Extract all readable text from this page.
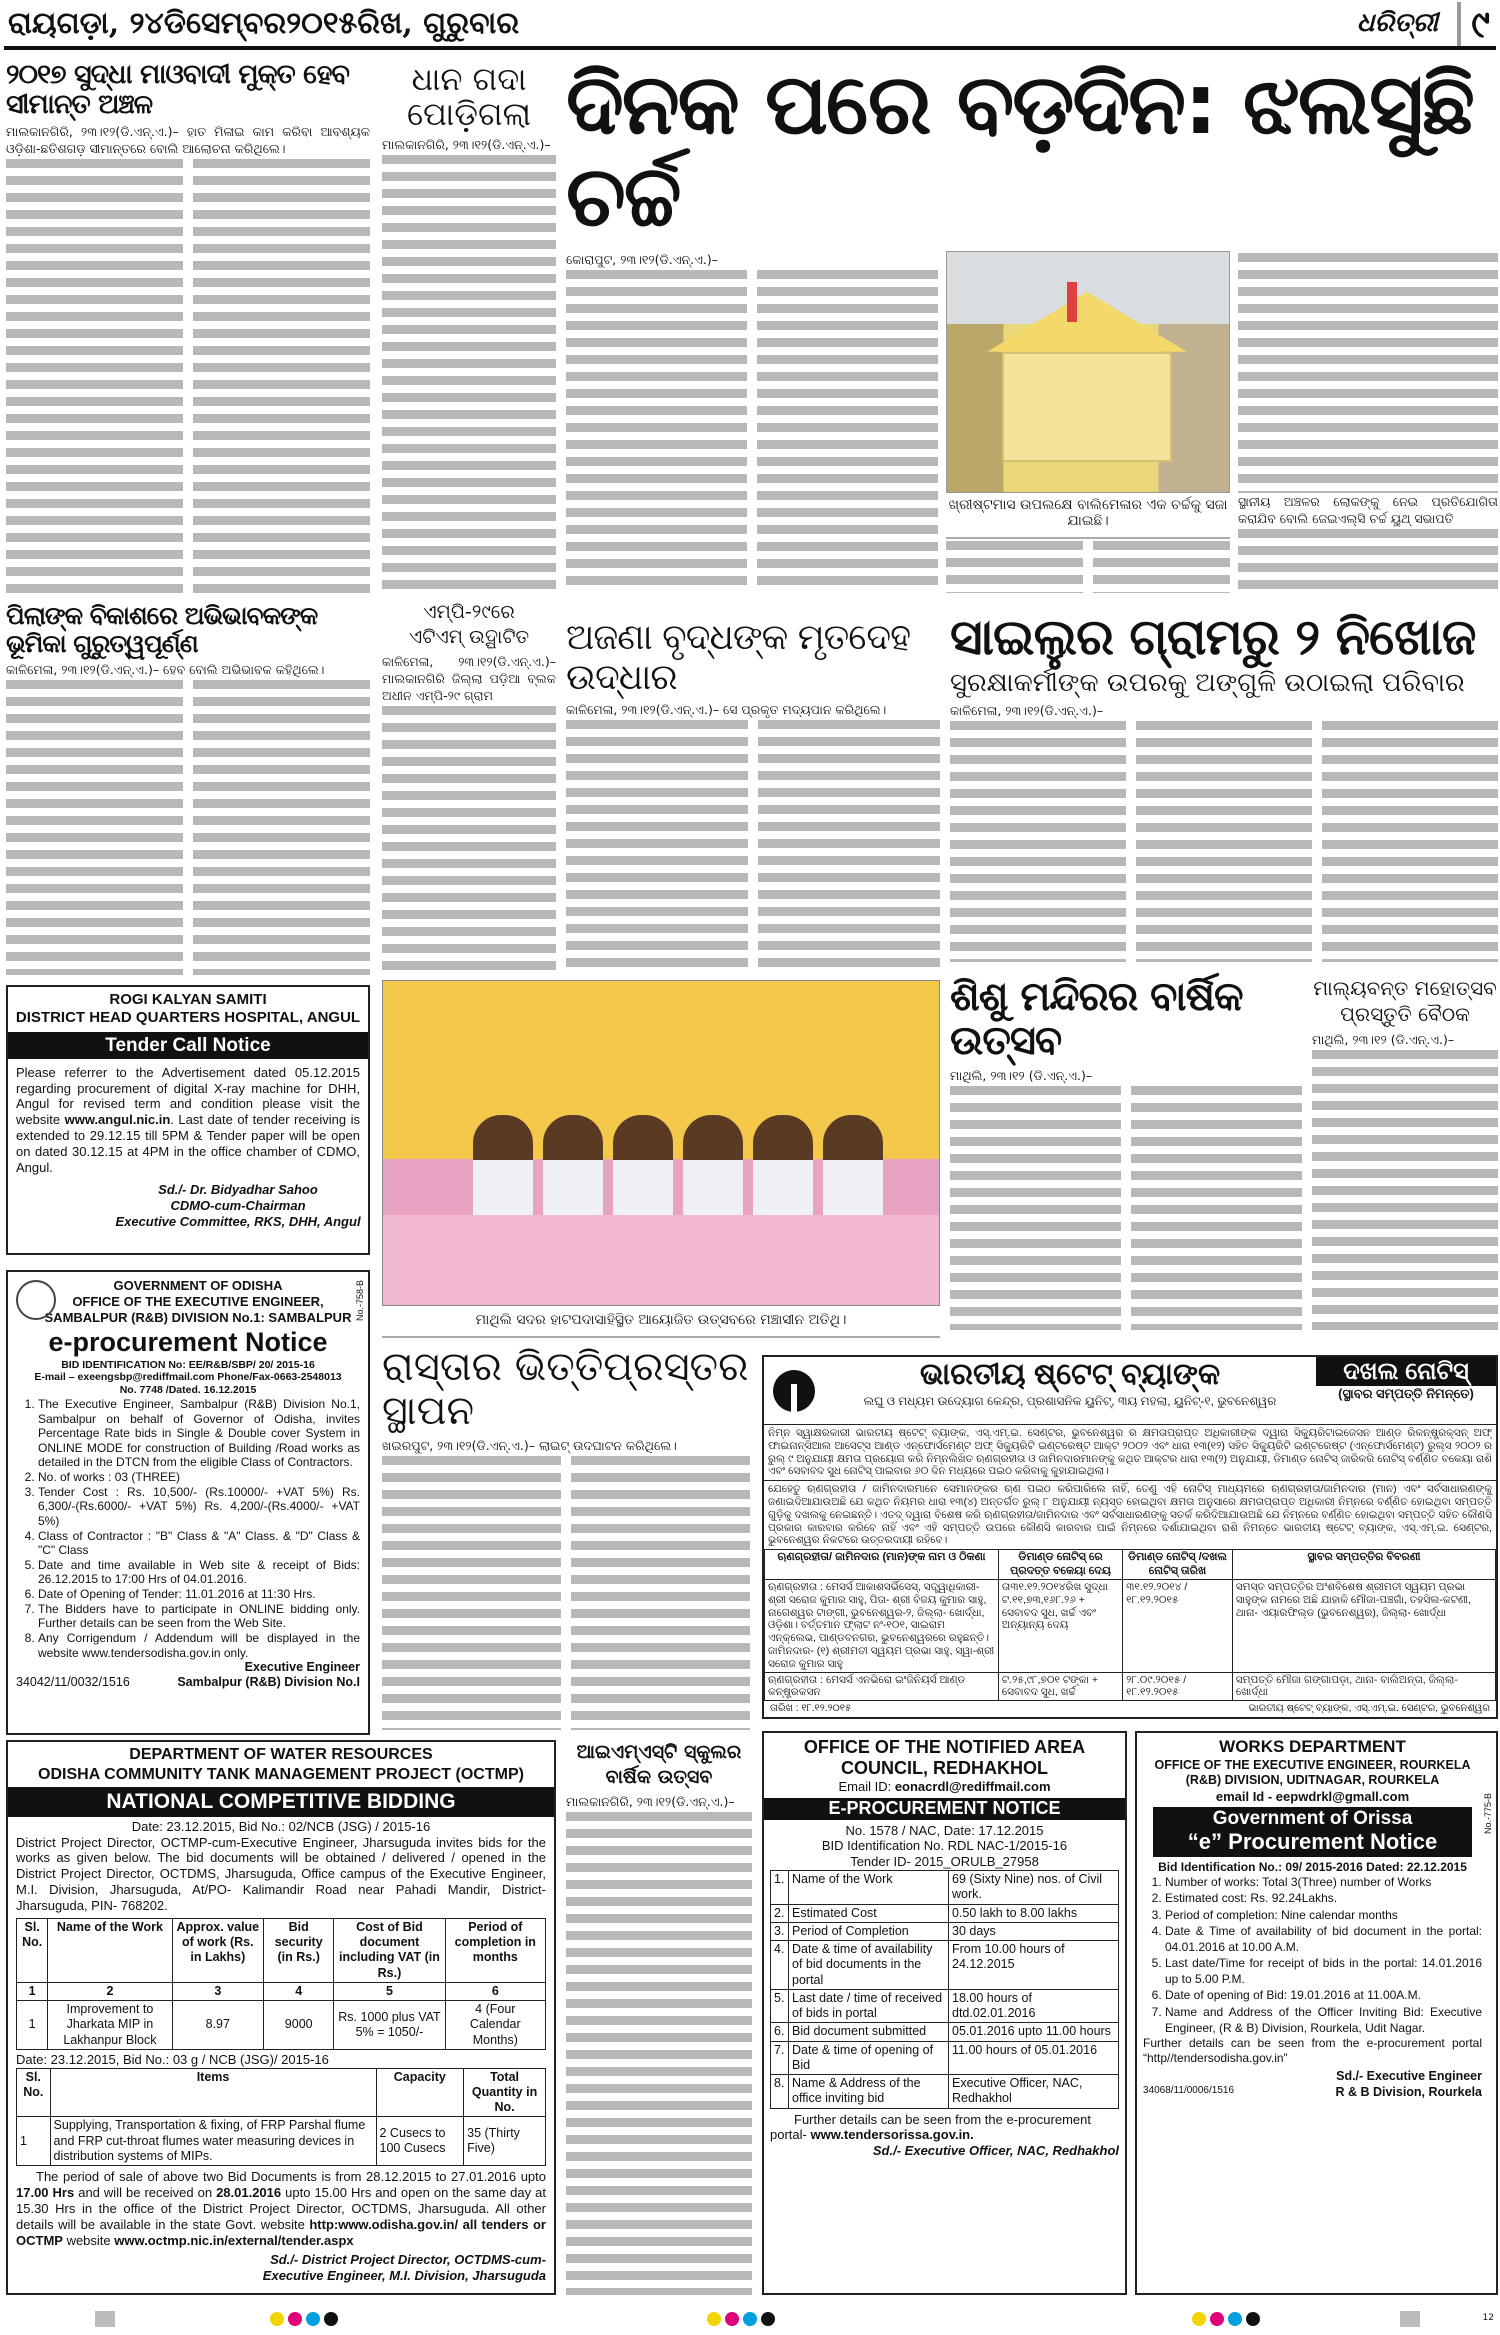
ରାୟଗଡ଼ା, ୨୪ଡିସେମ୍ବର୨୦୧୫ରିଖ, ଗୁରୁବାର	ଧରିତ୍ରୀ ୯
୨୦୧୭ ସୁଦ୍ଧା ମାଓବାଦୀ ମୁକ୍ତ ହେବ ସୀମାନ୍ତ ଅଞ୍ଚଳ
ମାଲକାନଗିରି, ୨୩।୧୨(ଡି.ଏନ୍.ଏ.)– ହାତ ମିଳାଇ କାମ କରିବା ଆବଶ୍ୟକ ଓଡ଼ିଶା-ଛତିଶଗଡ଼ ସୀମାନ୍ତରେ ବୋଲି ଆଲୋଚନା କରିଥିଲେ।
ପିଲାଙ୍କ ବିକାଶରେ ଅଭିଭାବକଙ୍କ ଭୂମିକା ଗୁରୁତ୍ୱପୂର୍ଣ୍ଣ
କାଳିମେଳା, ୨୩।୧୨(ଡି.ଏନ୍.ଏ.)– ହେବ ବୋଲି ଅଭିଭାବକ କହିଥିଲେ।
ଧାନ ଗଦା ପୋଡ଼ିଗଲା
ମାଲକାନଗିରି, ୨୩।୧୨(ଡି.ଏନ୍.ଏ.)–
ଏମ୍ପି-୨୯ରେ
ଏଟିଏମ୍ ଉଦ୍ଘାଟିତ
କାଳିମେଳା, ୨୩।୧୨(ଡି.ଏନ୍.ଏ.)– ମାଲକାନଗିରି ଜିଲ୍ଲା ପଡ଼ିଆ ବ୍ଲକ ଅଧୀନ ଏମ୍ପି-୨୯ ଗ୍ରାମ
ଦିନକ ପରେ ବଡ଼ଦିନ: ଝଲସୁଛି ଚର୍ଚ୍ଚ
କୋରାପୁଟ, ୨୩।୧୨(ଡି.ଏନ୍.ଏ.)–
ଖ୍ରୀଷ୍ଟମାସ ଉପଲକ୍ଷେ ବାଲିମେଳାର ଏକ ଚର୍ଚ୍ଚକୁ ସଜା ଯାଇଛି।
ସ୍ଥାନୀୟ ଅଞ୍ଚଳର ଲୋକଙ୍କୁ ନେଇ ପ୍ରତିଯୋଗିତା କରାଯିବ ବୋଲି ଜେଇଏଲ୍‌ସି ଚର୍ଚ୍ଚ ୟୁଥ୍ ସଭାପତି
ଅଜଣା ବୃଦ୍ଧଙ୍କ ମୃତଦେହ ଉଦ୍ଧାର
କାଳିମେଳା, ୨୩।୧୨(ଡି.ଏନ୍.ଏ.)– ସେ ପ୍ରକୃତ ମଦ୍ୟପାନ କରିଥିଲେ।
ସାଇଲୁର ଗ୍ରାମରୁ ୨ ନିଖୋଜ
ସୁରକ୍ଷାକର୍ମୀଙ୍କ ଉପରକୁ ଅଙ୍ଗୁଳି ଉଠାଇଲା ପରିବାର
କାଳିମେଳା, ୨୩।୧୨(ଡି.ଏନ୍.ଏ.)–
ମାଥିଲି ସଦର ହାଟପଦାସାହିସ୍ଥିତ ଆୟୋଜିତ ଉତ୍ସବରେ ମଞ୍ଚାସୀନ ଅତିଥି।
ଶିଶୁ ମନ୍ଦିରର ବାର୍ଷିକ ଉତ୍ସବ
ମାଥିଲି, ୨୩।୧୨ (ଡି.ଏନ୍.ଏ.)–
ମାଲ୍ୟବନ୍ତ ମହୋତ୍ସବ
ପ୍ରସ୍ତୁତି ବୈଠକ
ମାଥିଲି, ୨୩।୧୨ (ଡି.ଏନ୍.ଏ.)–
ରାସ୍ତାର ଭିତ୍ତିପ୍ରସ୍ତର ସ୍ଥାପନ
ଖଇରପୁଟ, ୨୩।୧୨(ଡି.ଏନ୍.ଏ.)– ଲାଇଟ୍ ଉଦଘାଟନ କରିଥିଲେ।
ଆଇଏମ୍ଏସ୍ଟି ସ୍କୁଲର
ବାର୍ଷିକ ଉତ୍ସବ
ମାଲକାନଗିରି, ୨୩।୧୨(ଡି.ଏନ୍.ଏ.)–
ROGI KALYAN SAMITI
DISTRICT HEAD QUARTERS HOSPITAL, ANGUL
Tender Call Notice
Please referrer to the Advertisement dated 05.12.2015 regarding procurement of digital X-ray machine for DHH, Angul for revised term and condition please visit the website www.angul.nic.in. Last date of tender receiving is extended to 29.12.15 till 5PM & Tender paper will be open on dated 30.12.15 at 4PM in the office chamber of CDMO, Angul.
Sd./- Dr. Bidyadhar Sahoo
CDMO-cum-Chairman
Executive Committee, RKS, DHH, Angul
No.-758-B
GOVERNMENT OF ODISHA
OFFICE OF THE EXECUTIVE ENGINEER,
SAMBALPUR (R&B) DIVISION No.1: SAMBALPUR
e-procurement Notice
BID IDENTIFICATION No: EE/R&B/SBP/ 20/ 2015-16
E-mail – exeengsbp@rediffmail.com Phone/Fax-0663-2548013
No. 7748 /Dated. 16.12.2015
1. The Executive Engineer, Sambalpur (R&B) Division No.1, Sambalpur on behalf of Governor of Odisha, invites Percentage Rate bids in Single & Double cover System in ONLINE MODE for construction of Building /Road works as detailed in the DTCN from the eligible Class of Contractors.
2. No. of works : 03 (THREE)
3. Tender Cost : Rs. 10,500/- (Rs.10000/- +VAT 5%) Rs. 6,300/-(Rs.6000/- +VAT 5%) Rs. 4,200/-(Rs.4000/- +VAT 5%)
4. Class of Contractor : "B" Class & "A" Class. & "D" Class & "C" Class
5. Date and time available in Web site & receipt of Bids: 26.12.2015 to 17:00 Hrs of 04.01.2016.
6. Date of Opening of Tender: 11.01.2016 at 11:30 Hrs.
7. The Bidders have to participate in ONLINE bidding only. Further details can be seen from the Web Site.
8. Any Corrigendum / Addendum will be displayed in the website www.tendersodisha.gov.in only.
Executive Engineer
34042/11/0032/1516	Sambalpur (R&B) Division No.I
DEPARTMENT OF WATER RESOURCES
ODISHA COMMUNITY TANK MANAGEMENT PROJECT (OCTMP)
NATIONAL COMPETITIVE BIDDING
Date: 23.12.2015, Bid No.: 02/NCB (JSG) / 2015-16
District Project Director, OCTMP-cum-Executive Engineer, Jharsuguda invites bids for the works as given below. The bid documents will be obtained / delivered / opened in the District Project Director, OCTDMS, Jharsuguda, Office campus of the Executive Engineer, M.I. Division, Jharsuguda, At/PO- Kalimandir Road near Pahadi Mandir, District- Jharsuguda, PIN- 768202.
Sl. No.	Name of the Work	Approx. value of work (Rs. in Lakhs)	Bid security (in Rs.)	Cost of Bid document including VAT (in Rs.)	Period of completion in months
1	2	3	4	5	6
1	Improvement to Jharkata MIP in Lakhanpur Block	8.97	9000	Rs. 1000 plus VAT 5% = 1050/-	4 (Four Calendar Months)
Date: 23.12.2015, Bid No.: 03 g / NCB (JSG)/ 2015-16
Sl. No.	Items	Capacity	Total Quantity in No.
1	Supplying, Transportation & fixing, of FRP Parshal flume and FRP cut-throat flumes water measuring devices in distribution systems of MIPs.	2 Cusecs to 100 Cusecs	35 (Thirty Five)
The period of sale of above two Bid Documents is from 28.12.2015 to 27.01.2016 upto 17.00 Hrs and will be received on 28.01.2016 upto 15.00 Hrs and open on the same day at 15.30 Hrs in the office of the District Project Director, OCTDMS, Jharsuguda. All other details will be available in the state Govt. website http:www.odisha.gov.in/ all tenders or OCTMP website www.octmp.nic.in/external/tender.aspx
Sd./- District Project Director, OCTDMS-cum-
Executive Engineer, M.I. Division, Jharsuguda
ଭାରତୀୟ ଷ୍ଟେଟ୍ ବ୍ୟାଙ୍କ
ଲଘୁ ଓ ମଧ୍ୟମ ଉଦ୍ୟୋଗ କେନ୍ଦ୍ର, ପ୍ରଶାସନିକ ୟୁନିଟ୍, ୩ୟ ମହଲା, ୟୁନିଟ୍-୧, ଭୁବନେଶ୍ୱର
ଦଖଲ ନୋଟିସ୍
(ସ୍ଥାବର ସମ୍ପତ୍ତି ନିମନ୍ତେ)
ନିମ୍ନ ସ୍ୱାକ୍ଷରକାରୀ ଭାରତୀୟ ଷ୍ଟେଟ୍ ବ୍ୟାଙ୍କ, ଏସ୍.ଏମ୍.ଇ. ସେଣ୍ଟର, ଭୁବନେଶ୍ୱର ର କ୍ଷମତାପ୍ରାପ୍ତ ଅଧିକାରୀଙ୍କ ଦ୍ୱାରା ସିକ୍ୟୁରିଟାଇଜେସନ ଆଣ୍ଡ ରିକନ୍ଷ୍ଟ୍ରକ୍ସନ୍ ଅଫ୍ ଫାଇନାନ୍ସିଆଲ ଆସେଟ୍ସ ଆଣ୍ଡ ଏନ୍‌ଫୋର୍ସମେଣ୍ଟ ଅଫ୍ ସିକ୍ୟୁରିଟି ଇଣ୍ଟରେଷ୍ଟ ଆକ୍ଟ ୨୦୦୨ ଏବଂ ଧାରା ୧୩(୧୨) ସହିତ ସିକ୍ୟୁରିଟି ଇଣ୍ଟରେଷ୍ଟ (ଏନ୍‌ଫୋର୍ସମେଣ୍ଟ) ରୁଲ୍ସ ୨୦୦୨ ର ରୁଲ୍ ୯ ଅନୁଯାୟୀ କ୍ଷମତା ପ୍ରୟୋଗ କରି ନିମ୍ନଲିଖିତ ଋଣଗ୍ରହୀତା ଓ ଜାମିନଦାରମାନଙ୍କୁ କଥିତ ଆକ୍ଟର ଧାରା ୧୩(୨) ଅନୁଯାୟୀ, ଡିମାଣ୍ଡ ନୋଟିସ୍ ଜାରିକରି ନୋଟିସ୍ ବର୍ଣ୍ଣିତ ବକେୟା ରାଶି ଏବଂ ସେବାବଦ ସୁଧ ନୋଟିସ୍ ପାଇବାର ୬୦ ଦିନ ମଧ୍ୟରେ ପଇଠ କରିବାକୁ କୁହାଯାଇଥିଲା।
ଯେହେତୁ ଋଣଗ୍ରହୀତା / ଜାମିନଦାରମାନେ ସେମାନଙ୍କର ଋଣ ପଇଠ କରିପାରିଲେ ନାହିଁ, ତେଣୁ ଏହି ନୋଟିସ୍ ମାଧ୍ୟମରେ ଋଣଗ୍ରହୀତା/ଜାମିନଦାର (ମାନ) ଏବଂ ସର୍ବସାଧାରଣଙ୍କୁ ଜଣାଇଦିଆଯାଉଅଛି ଯେ କଥିତ ନିୟମର ଧାରା ୧୩(୪) ଅନ୍ତର୍ଗତ ରୁଲ୍ ୮ ଅନୁଯାୟୀ ନ୍ୟସ୍ତ ହୋଇଥିବା କ୍ଷମତା ଅନୁସାରେ କ୍ଷମତାପ୍ରାପ୍ତ ଅଧିକାରୀ ନିମ୍ନରେ ବର୍ଣ୍ଣିତ ହୋଇଥିବା ସମ୍ପତ୍ତି ଗୁଡ଼ିକୁ ଦଖଲକୁ ନେଇଛନ୍ତି। ଏତଦ୍ ଦ୍ୱାରା ବିଶେଷ କରି ଋଣଗ୍ରହୀତା/ଜାମିନଦାର ଏବଂ ସର୍ବସାଧାରଣଙ୍କୁ ସତର୍କ କରିଦିଆଯାଉଅଛି ଯେ ନିମ୍ନରେ ବର୍ଣ୍ଣିତ ହୋଇଥିବା ସମ୍ପତ୍ତି ସହିତ କୌଣସି ପ୍ରକାର କାରବାର କରିବେ ନାହିଁ ଏବଂ ଏହି ସମ୍ପତ୍ତି ଉପରେ କୌଣସି କାରବାର ପାଇଁ ନିମ୍ନରେ ଦର୍ଶାଯାଇଥିବା ରାଶି ନିମନ୍ତେ ଭାରତୀୟ ଷ୍ଟେଟ୍ ବ୍ୟାଙ୍କ, ଏସ୍.ଏମ୍.ଇ. ସେଣ୍ଟର, ଭୁବନେଶ୍ୱର ନିକଟରେ ଉତ୍ତରଦାୟୀ ରହିବେ।
ଋଣଗ୍ରହୀତା/ ଜାମିନଦାର (ମାନ)ଙ୍କ ନାମ ଓ ଠିକଣା	ଡିମାଣ୍ଡ ନୋଟିସ୍ ରେ ପ୍ରଦତ୍ତ ବକେୟା ଦେୟ	ଡିମାଣ୍ଡ ନୋଟିସ୍ /ଦଖଲ ନୋଟିସ୍ ତାରିଖ	ସ୍ଥାବର ସମ୍ପତ୍ତିର ବିବରଣୀ
ଋଣଗ୍ରହୀତା : ମେସର୍ସ ଆକାଶସର୍ଭିସେସ୍, ସତ୍ତ୍ୱାଧିକାରୀ- ଶ୍ରୀ ସରୋଜ କୁମାର ସାହୁ, ପିତା- ଶ୍ରୀ ବିଜୟ କୁମାର ସାହୁ, ନାଗେଶ୍ୱର ଟାଙ୍ଗୀ, ଭୁବନେଶ୍ୱର-୨, ଜିଲ୍ଲା- ଖୋର୍ଦ୍ଧା, ଓଡ଼ିଶା। ବର୍ତ୍ତମାନ ଫ୍ଲାଟ ନଂ-୧୦୧, ସାଇରାମ ଏନ୍‌କ୍ଲେଭ, ପାଣ୍ଡବନଗର, ଭୁବନେଶ୍ୱରରେ ରହୁଛନ୍ତି। ଜାମିନଦାର- (୧) ଶ୍ରୀମତୀ ସ୍ୱୟମ ପ୍ରଭା ସାହୁ, ସ୍ୱା-ଶ୍ରୀ ସରୋଜ କୁମାର ସାହୁ	ତା୩୧.୧୨.୨୦୧୪ରିଖ ସୁଦ୍ଧା ଟ.୧୧,୭୩,୧୬୮.୨୬ + ସେବାବଦ ସୁଧ, ଖର୍ଚ୍ଚ ଏବଂ ଅନ୍ୟାନ୍ୟ ଦେୟ	୩୧.୧୨.୨୦୧୪ / ୧୮.୧୨.୨୦୧୫	ସମସ୍ତ ସମ୍ପତ୍ତିର ଅଂଶବିଶେଷ ଶ୍ରୀମତୀ ସ୍ୱୟମ ପ୍ରଭା ସାହୁଙ୍କ ନାମରେ ଅଛି ଯାହାକି ମୌଜା-ପଞ୍ଚଗାଁ, ତହସିଲ-କଟଣୀ, ଥାନା- ଏୟାରଫିଲ୍ଡ (ଭୁବନେଶ୍ୱର), ଜିଲ୍ଲା- ଖୋର୍ଦ୍ଧା
ଋଣଗ୍ରହୀତା : ମେସର୍ସ ଏନଭିରୋ ଇଂଜିନିୟର୍ସ ଆଣ୍ଡ କନ୍‌ଷ୍ଟ୍ରକସନ	ଟ.୨୫,୯୮,୭୦୧ ଟଙ୍କା + ସେବାବଦ ସୁଧ, ଖର୍ଚ୍ଚ	୨୮.୦୯.୨୦୧୫ / ୧୮.୧୨.୨୦୧୫	ସମ୍ପତ୍ତି ମୌଜା ଗଙ୍ଗାପଡ଼ା, ଥାନା- ବାଲିଅନ୍ତା, ଜିଲ୍ଲା- ଖୋର୍ଦ୍ଧା
ତାରିଖ : ୧୮.୧୨.୨୦୧୫	ଭାରତୀୟ ଷ୍ଟେଟ୍ ବ୍ୟାଙ୍କ, ଏସ୍.ଏମ୍.ଇ. ସେଣ୍ଟର, ଭୁବନେଶ୍ୱର
OFFICE OF THE NOTIFIED AREA
COUNCIL, REDHAKHOL
Email ID: eonacrdl@rediffmail.com
E-PROCUREMENT NOTICE
No. 1578 / NAC, Date: 17.12.2015
BID Identification No. RDL NAC-1/2015-16
Tender ID- 2015_ORULB_27958
1.	Name of the Work	69 (Sixty Nine) nos. of Civil work.
2.	Estimated Cost	0.50 lakh to 8.00 lakhs
3.	Period of Completion	30 days
4.	Date & time of availability of bid documents in the portal	From 10.00 hours of 24.12.2015
5.	Last date / time of received of bids in portal	18.00 hours of dtd.02.01.2016
6.	Bid document submitted	05.01.2016 upto 11.00 hours
7.	Date & time of opening of Bid	11.00 hours of 05.01.2016
8.	Name & Address of the office inviting bid	Executive Officer, NAC, Redhakhol
Further details can be seen from the e-procurement portal- www.tendersorissa.gov.in.
Sd./- Executive Officer, NAC, Redhakhol
No.-775-B
WORKS DEPARTMENT
OFFICE OF THE EXECUTIVE ENGINEER, ROURKELA
(R&B) DIVISION, UDITNAGAR, ROURKELA
email Id - eepwdrkl@gmall.com
Government of Orissa
“e” Procurement Notice
Bid Identification No.: 09/ 2015-2016 Dated: 22.12.2015
1. Number of works: Total 3(Three) number of Works
2. Estimated cost: Rs. 92.24Lakhs.
3. Period of completion: Nine calendar months
4. Date & Time of availability of bid document in the portal: 04.01.2016 at 10.00 A.M.
5. Last date/Time for receipt of bids in the portal: 14.01.2016 up to 5.00 P.M.
6. Date of opening of Bid: 19.01.2016 at 11.00A.M.
7. Name and Address of the Officer Inviting Bid: Executive Engineer, (R & B) Division, Rourkela, Udit Nagar.
Further details can be seen from the e-procurement portal “http//tendersodisha.gov.in”
Sd./- Executive Engineer
34068/11/0006/1516	R & B Division, Rourkela
12
